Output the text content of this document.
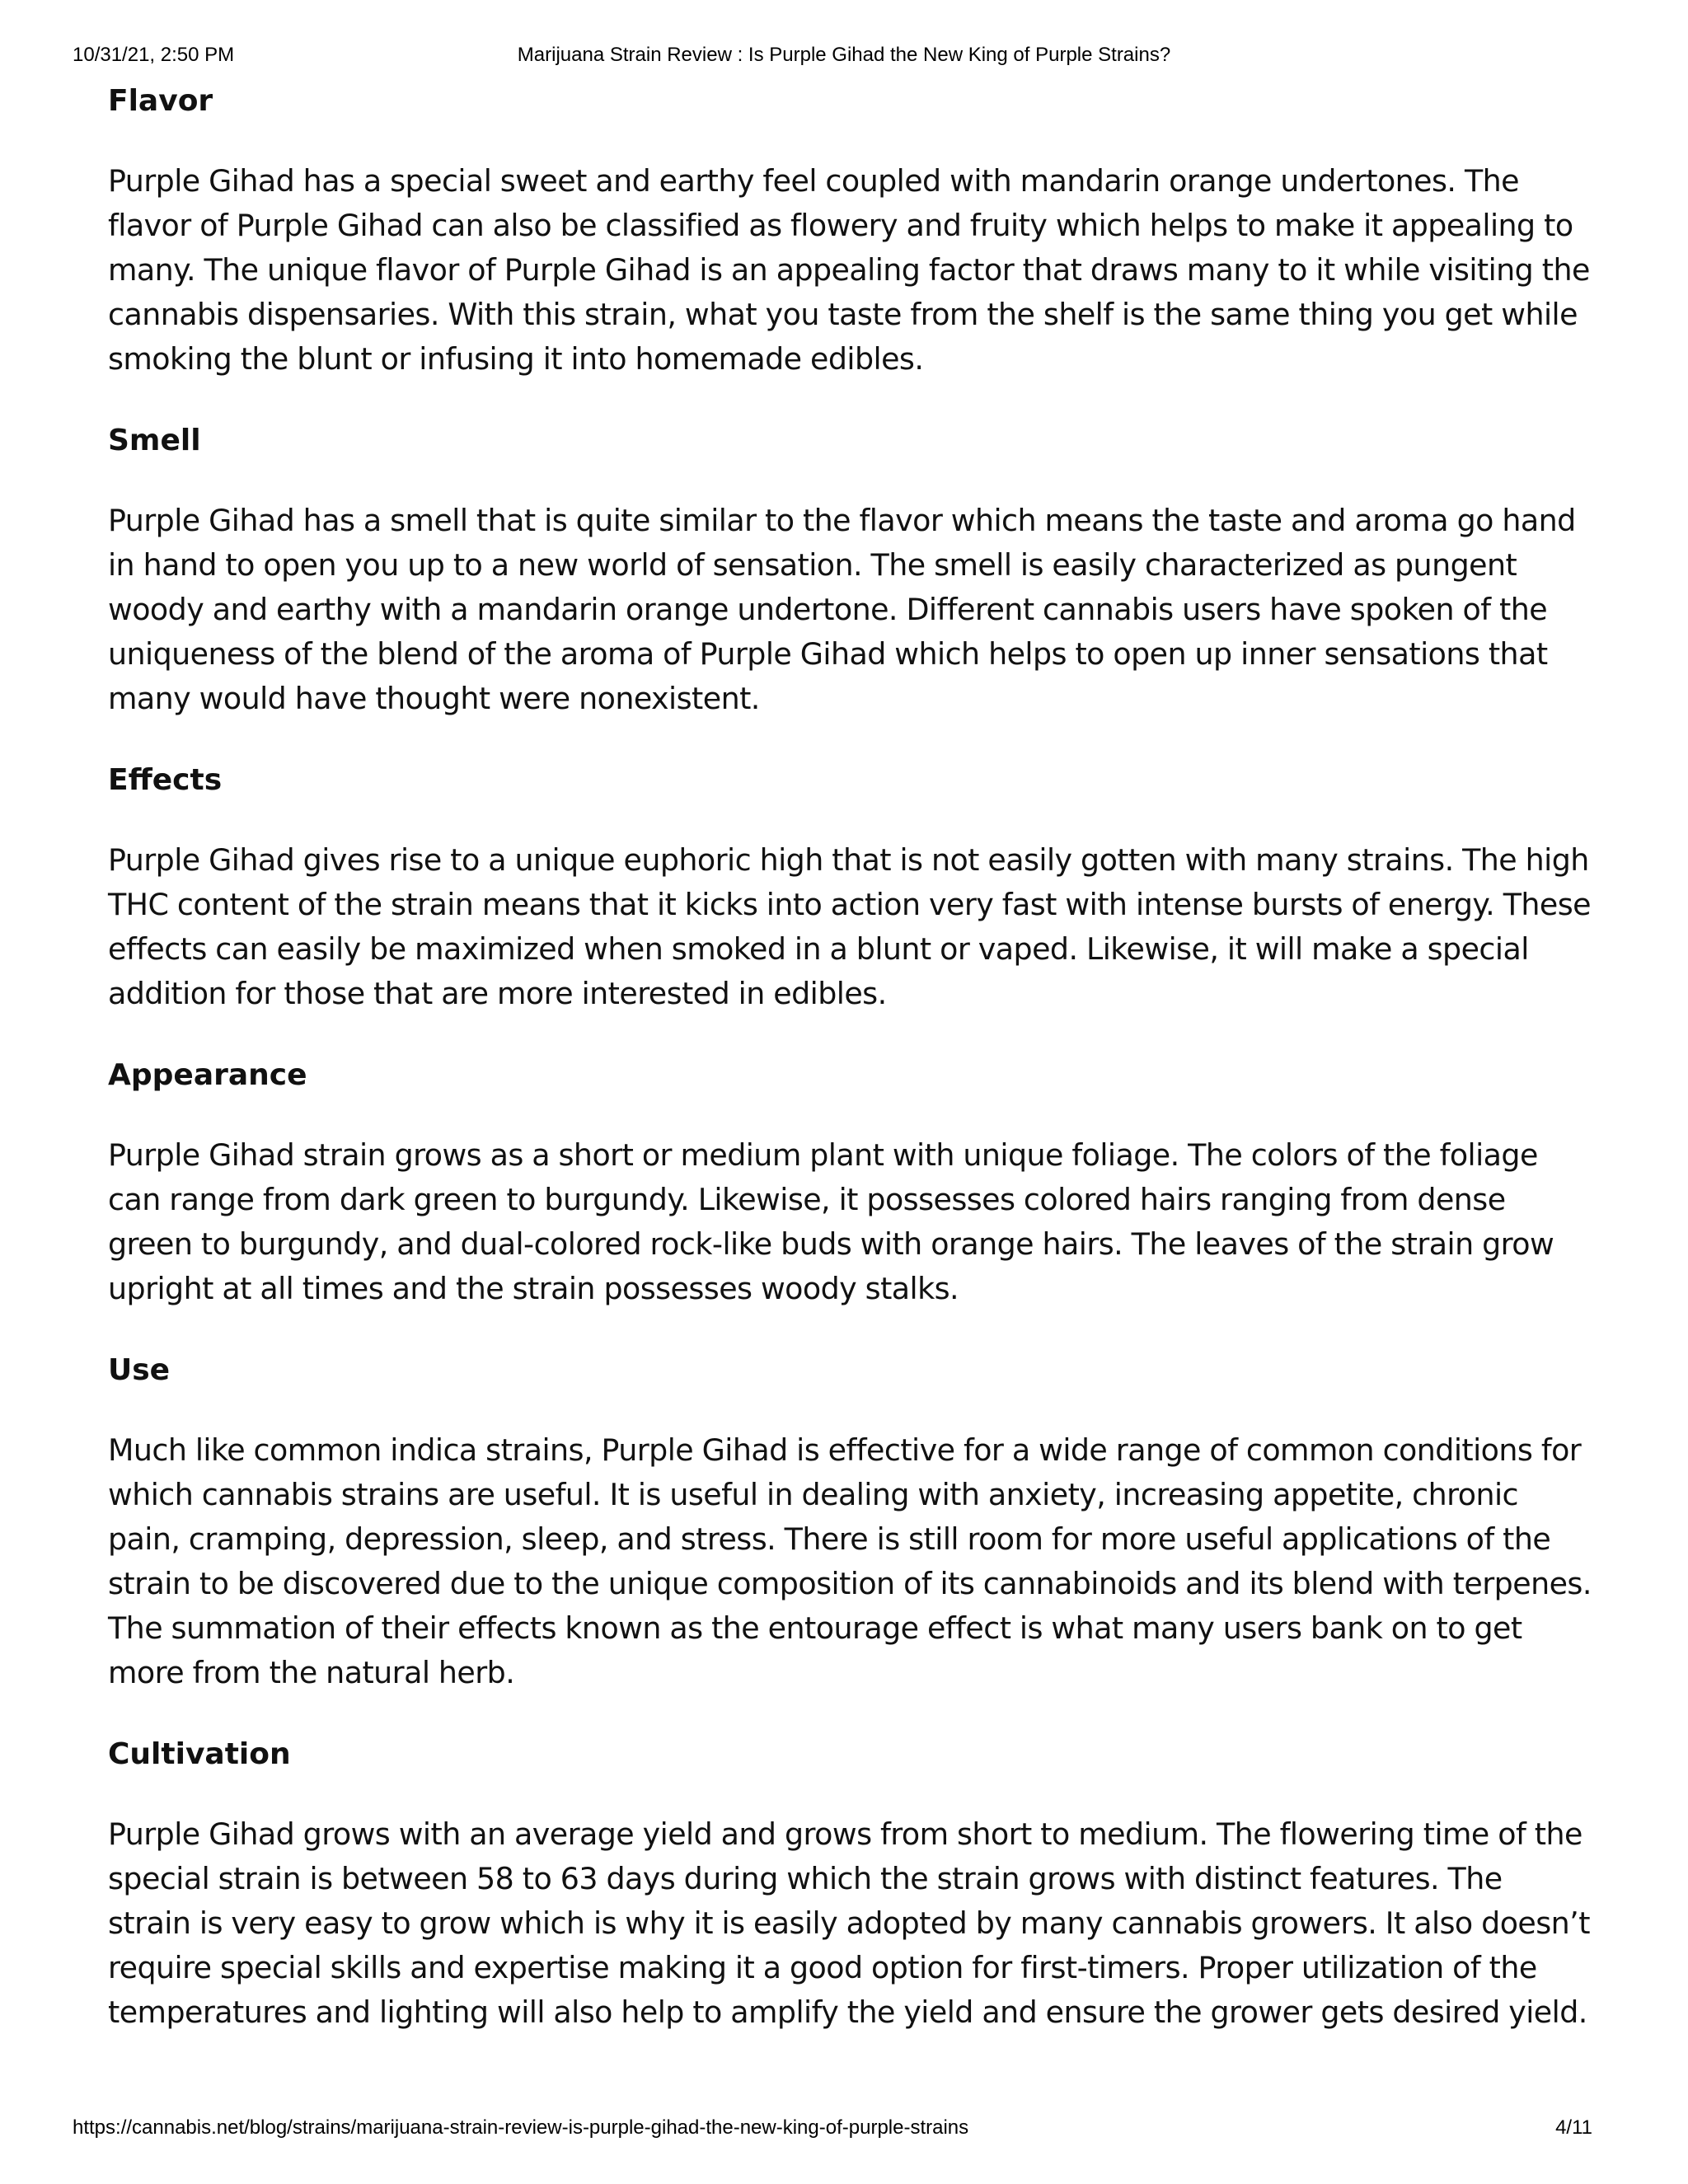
10/31/21, 2:50 PM	Marijuana Strain Review : Is Purple Gihad the New King of Purple Strains?
Flavor
Purple Gihad has a special sweet and earthy feel coupled with mandarin orange undertones. The flavor of Purple Gihad can also be classified as flowery and fruity which helps to make it appealing to many. The unique flavor of Purple Gihad is an appealing factor that draws many to it while visiting the cannabis dispensaries. With this strain, what you taste from the shelf is the same thing you get while smoking the blunt or infusing it into homemade edibles.
Smell
Purple Gihad has a smell that is quite similar to the flavor which means the taste and aroma go hand in hand to open you up to a new world of sensation. The smell is easily characterized as pungent woody and earthy with a mandarin orange undertone. Different cannabis users have spoken of the uniqueness of the blend of the aroma of Purple Gihad which helps to open up inner sensations that many would have thought were nonexistent.
Effects
Purple Gihad gives rise to a unique euphoric high that is not easily gotten with many strains. The high THC content of the strain means that it kicks into action very fast with intense bursts of energy. These effects can easily be maximized when smoked in a blunt or vaped. Likewise, it will make a special addition for those that are more interested in edibles.
Appearance
Purple Gihad strain grows as a short or medium plant with unique foliage. The colors of the foliage can range from dark green to burgundy. Likewise, it possesses colored hairs ranging from dense green to burgundy, and dual-colored rock-like buds with orange hairs. The leaves of the strain grow upright at all times and the strain possesses woody stalks.
Use
Much like common indica strains, Purple Gihad is effective for a wide range of common conditions for which cannabis strains are useful. It is useful in dealing with anxiety, increasing appetite, chronic pain, cramping, depression, sleep, and stress. There is still room for more useful applications of the strain to be discovered due to the unique composition of its cannabinoids and its blend with terpenes. The summation of their effects known as the entourage effect is what many users bank on to get more from the natural herb.
Cultivation
Purple Gihad grows with an average yield and grows from short to medium. The flowering time of the special strain is between 58 to 63 days during which the strain grows with distinct features. The strain is very easy to grow which is why it is easily adopted by many cannabis growers. It also doesn’t require special skills and expertise making it a good option for first-timers. Proper utilization of the temperatures and lighting will also help to amplify the yield and ensure the grower gets desired yield.
https://cannabis.net/blog/strains/marijuana-strain-review-is-purple-gihad-the-new-king-of-purple-strains	4/11
